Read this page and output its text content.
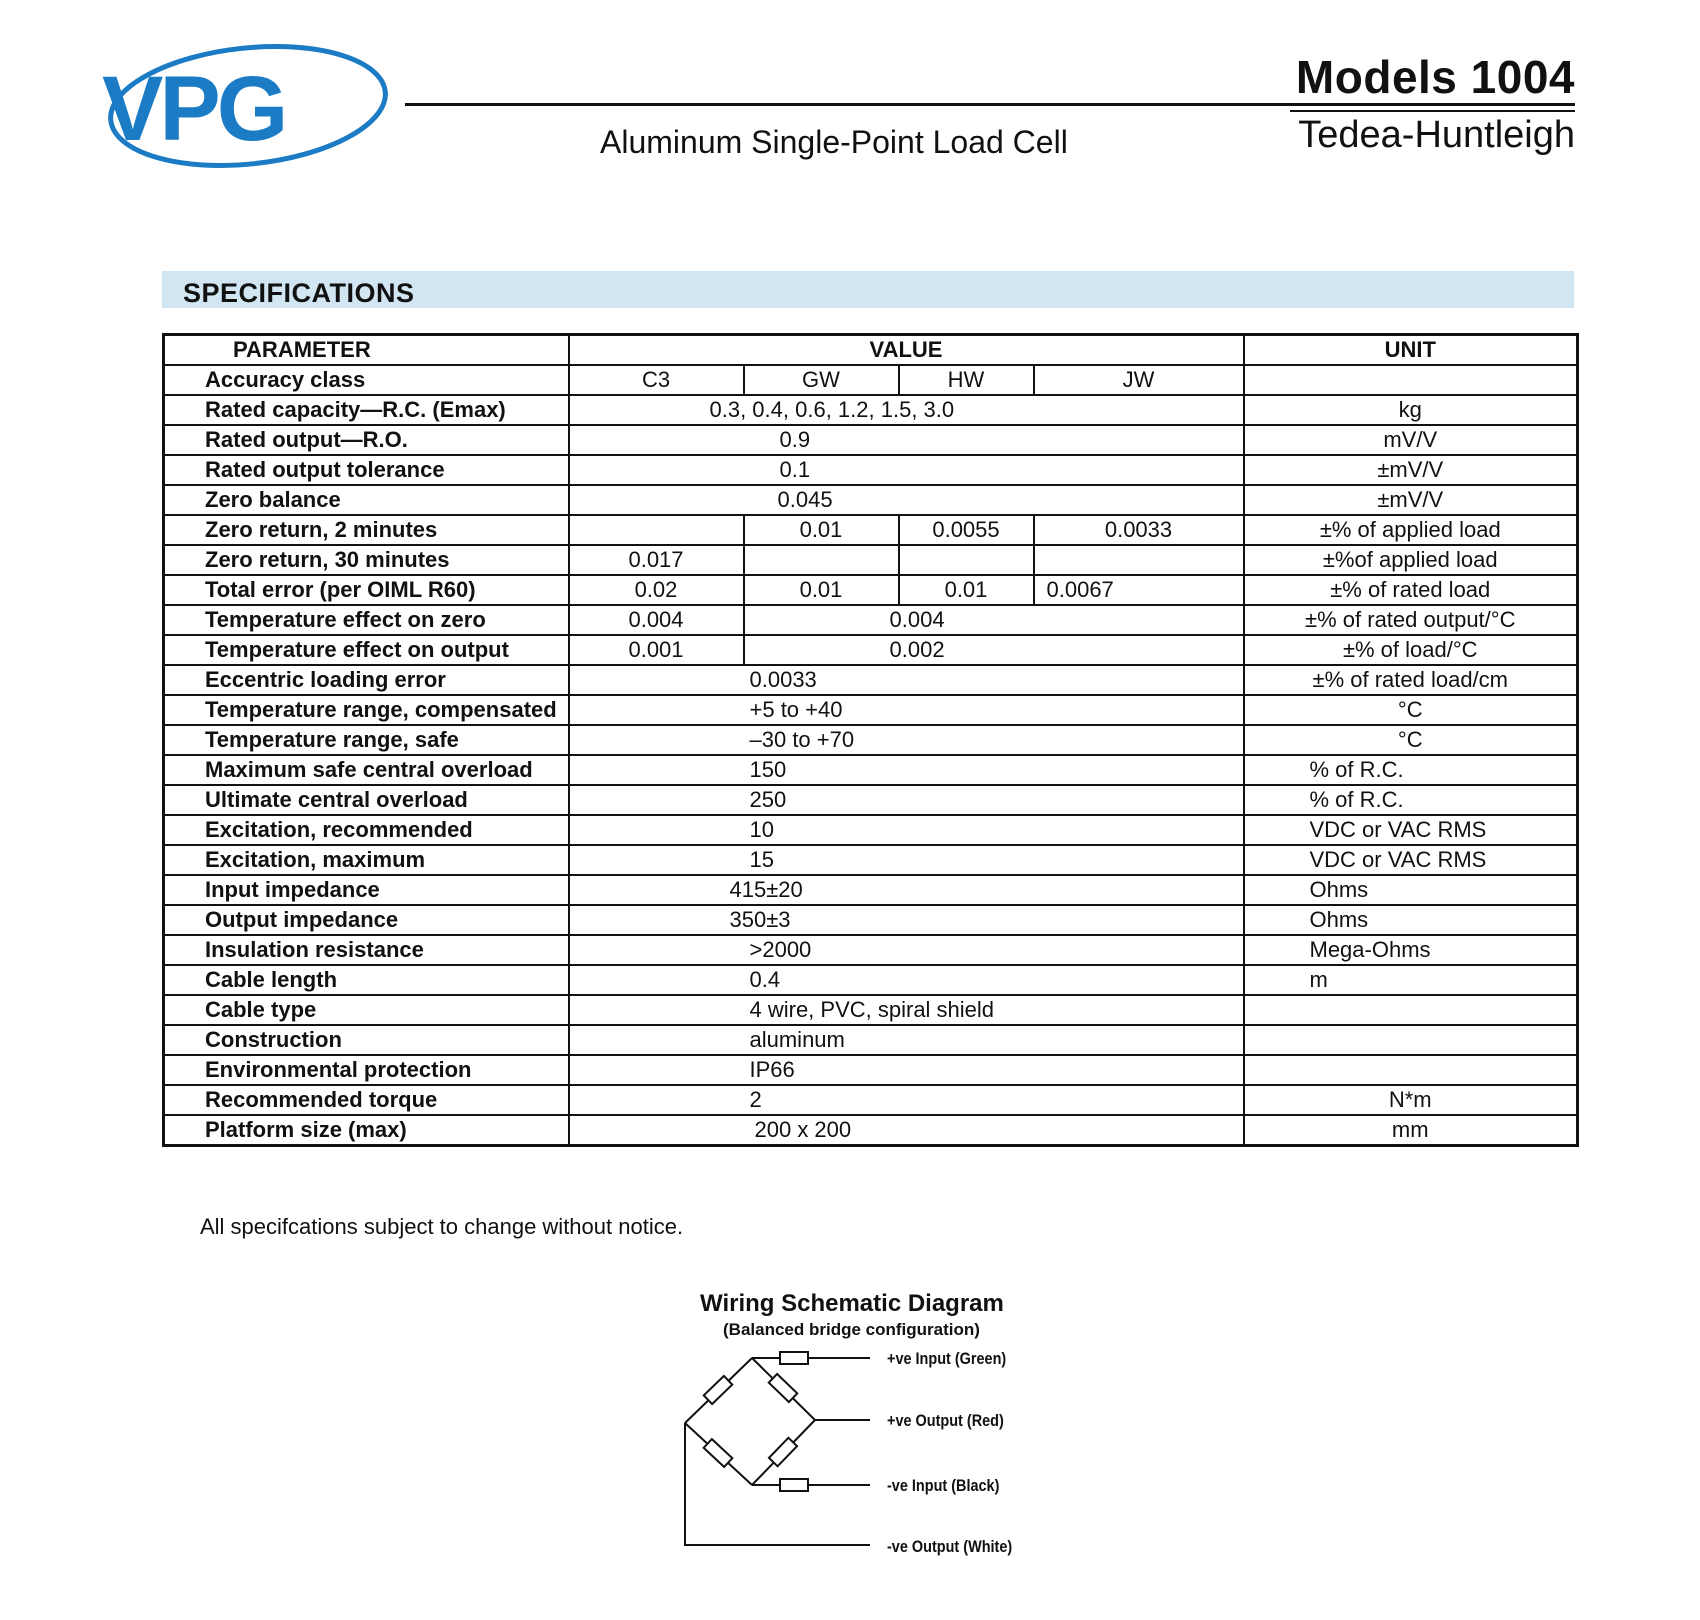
VPG	Models 1004
Aluminum Single-Point Load Cell	Tedea-Huntleigh
SPECIFICATIONS
PARAMETER	VALUE				UNIT
Accuracy class	C3	GW	HW	JW	
Rated capacity—R.C. (Emax)	0.3, 0.4, 0.6, 1.2, 1.5, 3.0				kg
Rated output—R.O.	0.9				mV/V
Rated output tolerance	0.1				±mV/V
Zero balance	0.045				±mV/V
Zero return, 2 minutes		0.01	0.0055	0.0033	±% of applied load
Zero return, 30 minutes	0.017				±%of applied load
Total error (per OIML R60)	0.02	0.01	0.01	0.0067	±% of rated load
Temperature effect on zero	0.004	0.004			±% of rated output/°C
Temperature effect on output	0.001	0.002			±% of load/°C
Eccentric loading error	0.0033				±% of rated load/cm
Temperature range, compensated	+5 to +40				°C
Temperature range, safe	–30 to +70				°C
Maximum safe central overload	150				% of R.C.
Ultimate central overload	250				% of R.C.
Excitation, recommended	10				VDC or VAC RMS
Excitation, maximum	15				VDC or VAC RMS
Input impedance	415±20				Ohms
Output impedance	350±3				Ohms
Insulation resistance	>2000				Mega-Ohms
Cable length	0.4				m
Cable type	4 wire, PVC, spiral shield				
Construction	aluminum				
Environmental protection	IP66				
Recommended torque	2				N*m
Platform size (max)	200 x 200				mm
All specifcations subject to change without notice.
Wiring Schematic Diagram
(Balanced bridge configuration)
+ve Input (Green)
+ve Output (Red)
-ve Input (Black)
-ve Output (White)
